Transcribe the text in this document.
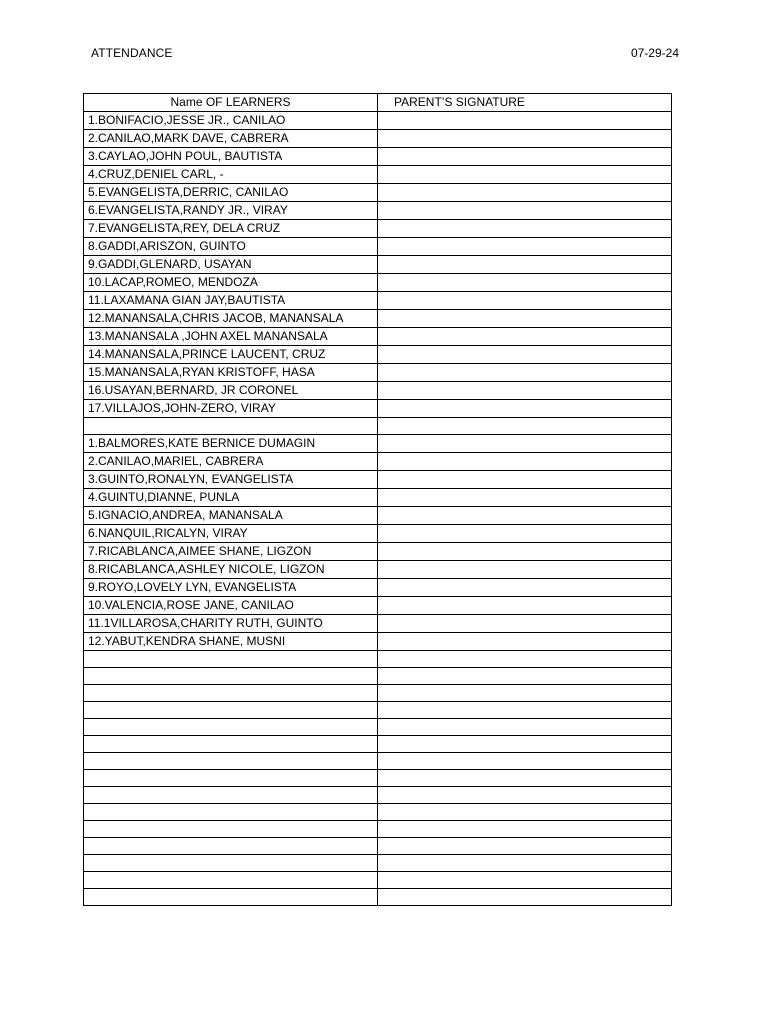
ATTENDANCE	07-29-24
Name OF LEARNERS	PARENT’S SIGNATURE
1.BONIFACIO,JESSE JR., CANILAO	
2.CANILAO,MARK DAVE, CABRERA	
3.CAYLAO,JOHN POUL, BAUTISTA	
4.CRUZ,DENIEL CARL, -	
5.EVANGELISTA,DERRIC, CANILAO	
6.EVANGELISTA,RANDY JR., VIRAY	
7.EVANGELISTA,REY, DELA CRUZ	
8.GADDI,ARISZON, GUINTO	
9.GADDI,GLENARD, USAYAN	
10.LACAP,ROMEO, MENDOZA	
11.LAXAMANA GIAN JAY,BAUTISTA	
12.MANANSALA,CHRIS JACOB, MANANSALA	
13.MANANSALA ,JOHN AXEL MANANSALA	
14.MANANSALA,PRINCE LAUCENT, CRUZ	
15.MANANSALA,RYAN KRISTOFF, HASA	
16.USAYAN,BERNARD, JR CORONEL	
17.VILLAJOS,JOHN-ZERO, VIRAY	

1.BALMORES,KATE BERNICE DUMAGIN	
2.CANILAO,MARIEL, CABRERA	
3.GUINTO,RONALYN, EVANGELISTA	
4.GUINTU,DIANNE, PUNLA	
5.IGNACIO,ANDREA, MANANSALA	
6.NANQUIL,RICALYN, VIRAY	
7.RICABLANCA,AIMEE SHANE, LIGZON	
8.RICABLANCA,ASHLEY NICOLE, LIGZON	
9.ROYO,LOVELY LYN, EVANGELISTA	
10.VALENCIA,ROSE JANE, CANILAO	
11.1VILLAROSA,CHARITY RUTH, GUINTO	
12.YABUT,KENDRA SHANE, MUSNI	
